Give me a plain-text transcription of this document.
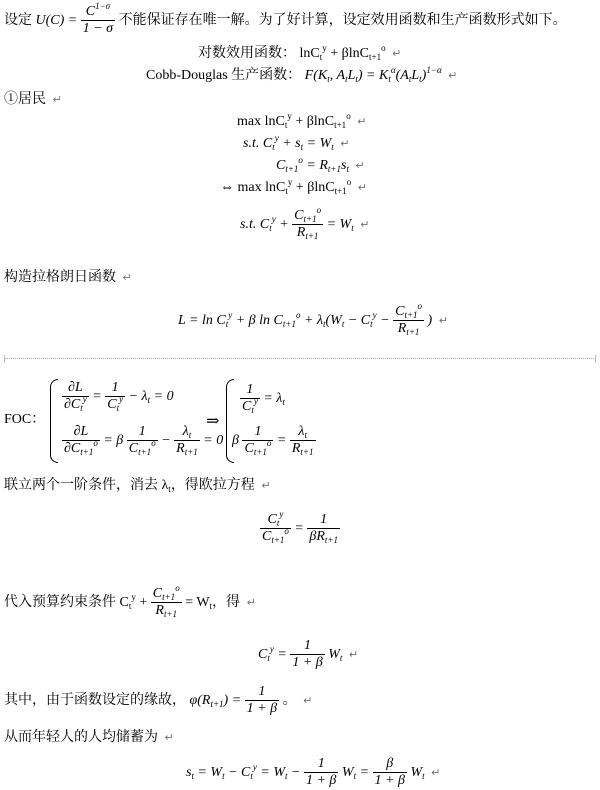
设定 $U(C) = \frac{C^{1-\sigma}}{1 - \sigma}$ 不能保证存在唯一解。为了好计算，设定效用函数和生产函数形式如下。
对数效用函数： lnC$_t^y$ + βlnC$_{t+1}^o$ ↵
Cobb-Douglas 生产函数： $F(K_t$, $A_tL_t) = K_t^\alpha(A_tL_t)^{1-\alpha}$ ↵
①居民 ↵
max lnC$_t^y$ + βlnC$_{t+1}^o$ ↵
s.t. $C_t^y + s_t = W_t$ ↵
$C_{t+1}^o = R_{t+1}s_t$ ↵
⇔ max lnC$_t^y$ + βlnC$_{t+1}^o$ ↵
s.t. $C_t^y + \frac{C_{t+1}^o}{R_{t+1}} = W_t$ ↵
构造拉格朗日函数 ↵
$L = \ln C_t^y + \beta$ $\ln C_{t+1}^o + \lambda_t(W_t - C_t^y - \frac{C_{t+1}^o}{R_{t+1}}$ ) ↵
FOC：
$\frac{\partial L}{\partial C_t^y} = \frac{1}{C_t^y} - \lambda_t = 0$
$\frac{\partial L}{\partial C_{t+1}^o} = \beta \frac{1}{C_{t+1}^o} - \frac{\lambda_t}{R_{t+1}} = 0$
⇒
$\frac{1}{C_t^y} = \lambda_t$
β $\frac{1}{C_{t+1}^o} = \frac{\lambda_t}{R_{t+1}}$
联立两个一阶条件，消去 $\lambda_t$，得欧拉方程 ↵
$\frac{C_t^y}{C_{t+1}^o} = \frac{1}{\beta R_{t+1}}$
代入预算约束条件 $C_t^y + \frac{C_{t+1}^o}{R_{t+1}} = W_t$，得 ↵
$C_t^y = \frac{1}{1 + \beta} W_t$ ↵
其中，由于函数设定的缘故， $\varphi(R_{t+1}) = \frac{1}{1 + \beta}$ 。 ↵
从而年轻人的人均储蓄为 ↵
$s_t = W_t - C_t^y = W_t - \frac{1}{1 + \beta} W_t = \frac{\beta}{1 + \beta} W_t$ ↵
